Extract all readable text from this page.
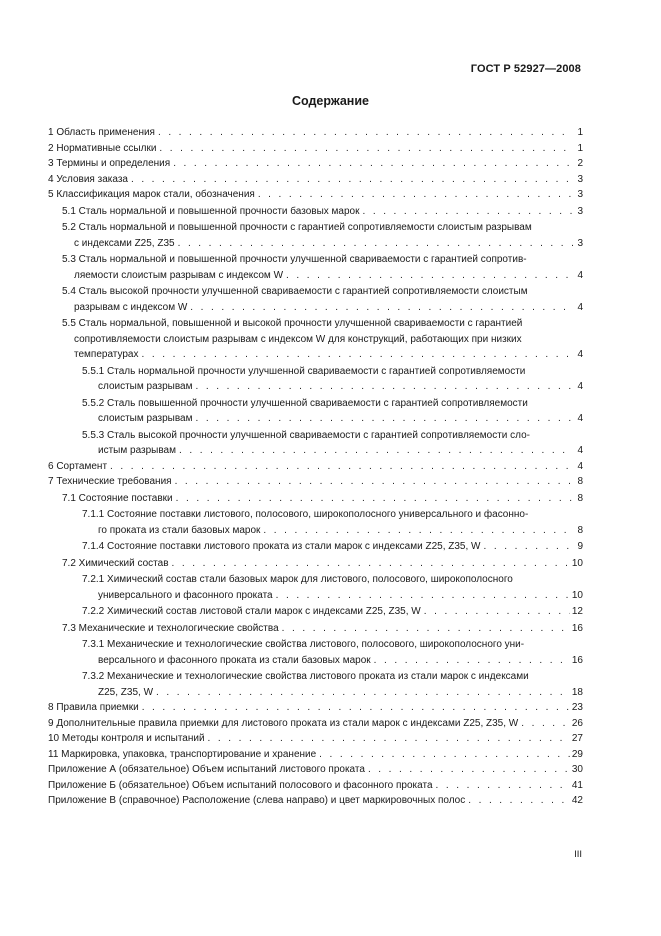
ГОСТ Р 52927—2008
Содержание
1 Область применения . . .	1
2 Нормативные ссылки . . .	1
3 Термины и определения . . .	2
4 Условия заказа . . .	3
5 Классификация марок стали, обозначения . . .	3
5.1 Сталь нормальной и повышенной прочности базовых марок . . .	3
5.2 Сталь нормальной и повышенной прочности с гарантией сопротивляемости слоистым разрывам
с индексами Z25, Z35 . . .	3
5.3 Сталь нормальной и повышенной прочности улучшенной свариваемости с гарантией сопротив-
ляемости слоистым разрывам с индексом W . . .	4
5.4 Сталь высокой прочности улучшенной свариваемости с гарантией сопротивляемости слоистым
разрывам с индексом W . . .	4
5.5 Сталь нормальной, повышенной и высокой прочности улучшенной свариваемости с гарантией
сопротивляемости слоистым разрывам с индексом W для конструкций, работающих при низких
температурах . . .	4
5.5.1 Сталь нормальной прочности улучшенной свариваемости с гарантией сопротивляемости
слоистым разрывам . . .	4
5.5.2 Сталь повышенной прочности улучшенной свариваемости с гарантией сопротивляемости
слоистым разрывам . . .	4
5.5.3 Сталь высокой прочности улучшенной свариваемости с гарантией сопротивляемости сло-
истым разрывам . . .	4
6 Сортамент . . .	4
7 Технические требования . . .	8
7.1 Состояние поставки . . .	8
7.1.1 Состояние поставки листового, полосового, широкополосного универсального и фасонно-
го проката из стали базовых марок . . .	8
7.1.4 Состояние поставки листового проката из стали марок с индексами Z25, Z35, W . . .	9
7.2 Химический состав . . .	10
7.2.1 Химический состав стали базовых марок для листового, полосового, широкополосного
универсального и фасонного проката . . .	10
7.2.2 Химический состав листовой стали марок с индексами Z25, Z35, W . . .	12
7.3 Механические и технологические свойства . . .	16
7.3.1 Механические и технологические свойства листового, полосового, широкополосного уни-
версального и фасонного проката из стали базовых марок . . .	16
7.3.2 Механические и технологические свойства листового проката из стали марок с индексами
Z25, Z35, W . . .	18
8 Правила приемки . . .	23
9 Дополнительные правила приемки для листового проката из стали марок с индексами Z25, Z35, W . . .	26
10 Методы контроля и испытаний . . .	27
11 Маркировка, упаковка, транспортирование и хранение . . .	29
Приложение А (обязательное) Объем испытаний листового проката . . .	30
Приложение Б (обязательное) Объем испытаний полосового и фасонного проката . . .	41
Приложение В (справочное) Расположение (слева направо) и цвет маркировочных полос . . .	42
III
